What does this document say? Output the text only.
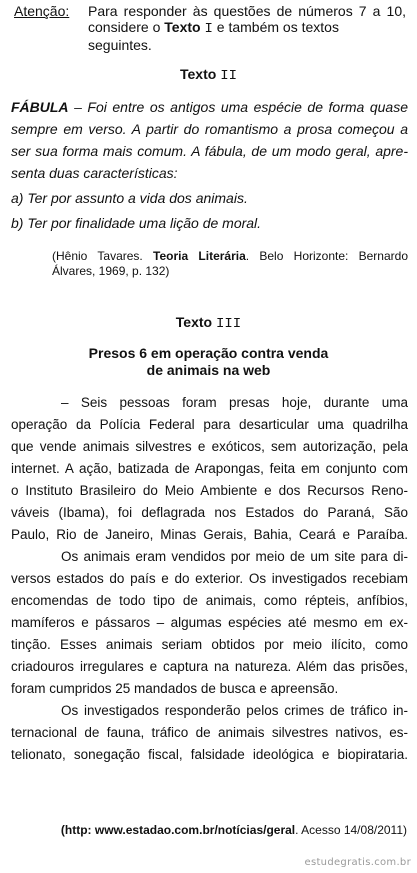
Atenção: Para responder às questões de números 7 a 10,
considere o Texto I e também os textos seguintes.
Texto II
FÁBULA – Foi entre os antigos uma espécie de forma quase
sempre em verso. A partir do romantismo a prosa começou a
ser sua forma mais comum. A fábula, de um modo geral, apre-
senta duas características:
a) Ter por assunto a vida dos animais.
b) Ter por finalidade uma lição de moral.
(Hênio Tavares. Teoria Literária. Belo Horizonte: Bernardo
Álvares, 1969, p. 132)
Texto III
Presos 6 em operação contra venda
de animais na web
– Seis pessoas foram presas hoje, durante uma
operação da Polícia Federal para desarticular uma quadrilha
que vende animais silvestres e exóticos, sem autorização, pela
internet. A ação, batizada de Arapongas, feita em conjunto com
o Instituto Brasileiro do Meio Ambiente e dos Recursos Reno-
váveis (Ibama), foi deflagrada nos Estados do Paraná, São
Paulo, Rio de Janeiro, Minas Gerais, Bahia, Ceará e Paraíba.
Os animais eram vendidos por meio de um site para di-
versos estados do país e do exterior. Os investigados recebiam
encomendas de todo tipo de animais, como répteis, anfíbios,
mamíferos e pássaros – algumas espécies até mesmo em ex-
tinção. Esses animais seriam obtidos por meio ilícito, como
criadouros irregulares e captura na natureza. Além das prisões,
foram cumpridos 25 mandados de busca e apreensão.
Os investigados responderão pelos crimes de tráfico in-
ternacional de fauna, tráfico de animais silvestres nativos, es-
telionato, sonegação fiscal, falsidade ideológica e biopirataria.
(http: www.estadao.com.br/notícias/geral. Acesso 14/08/2011)
estudegratis.com.br
